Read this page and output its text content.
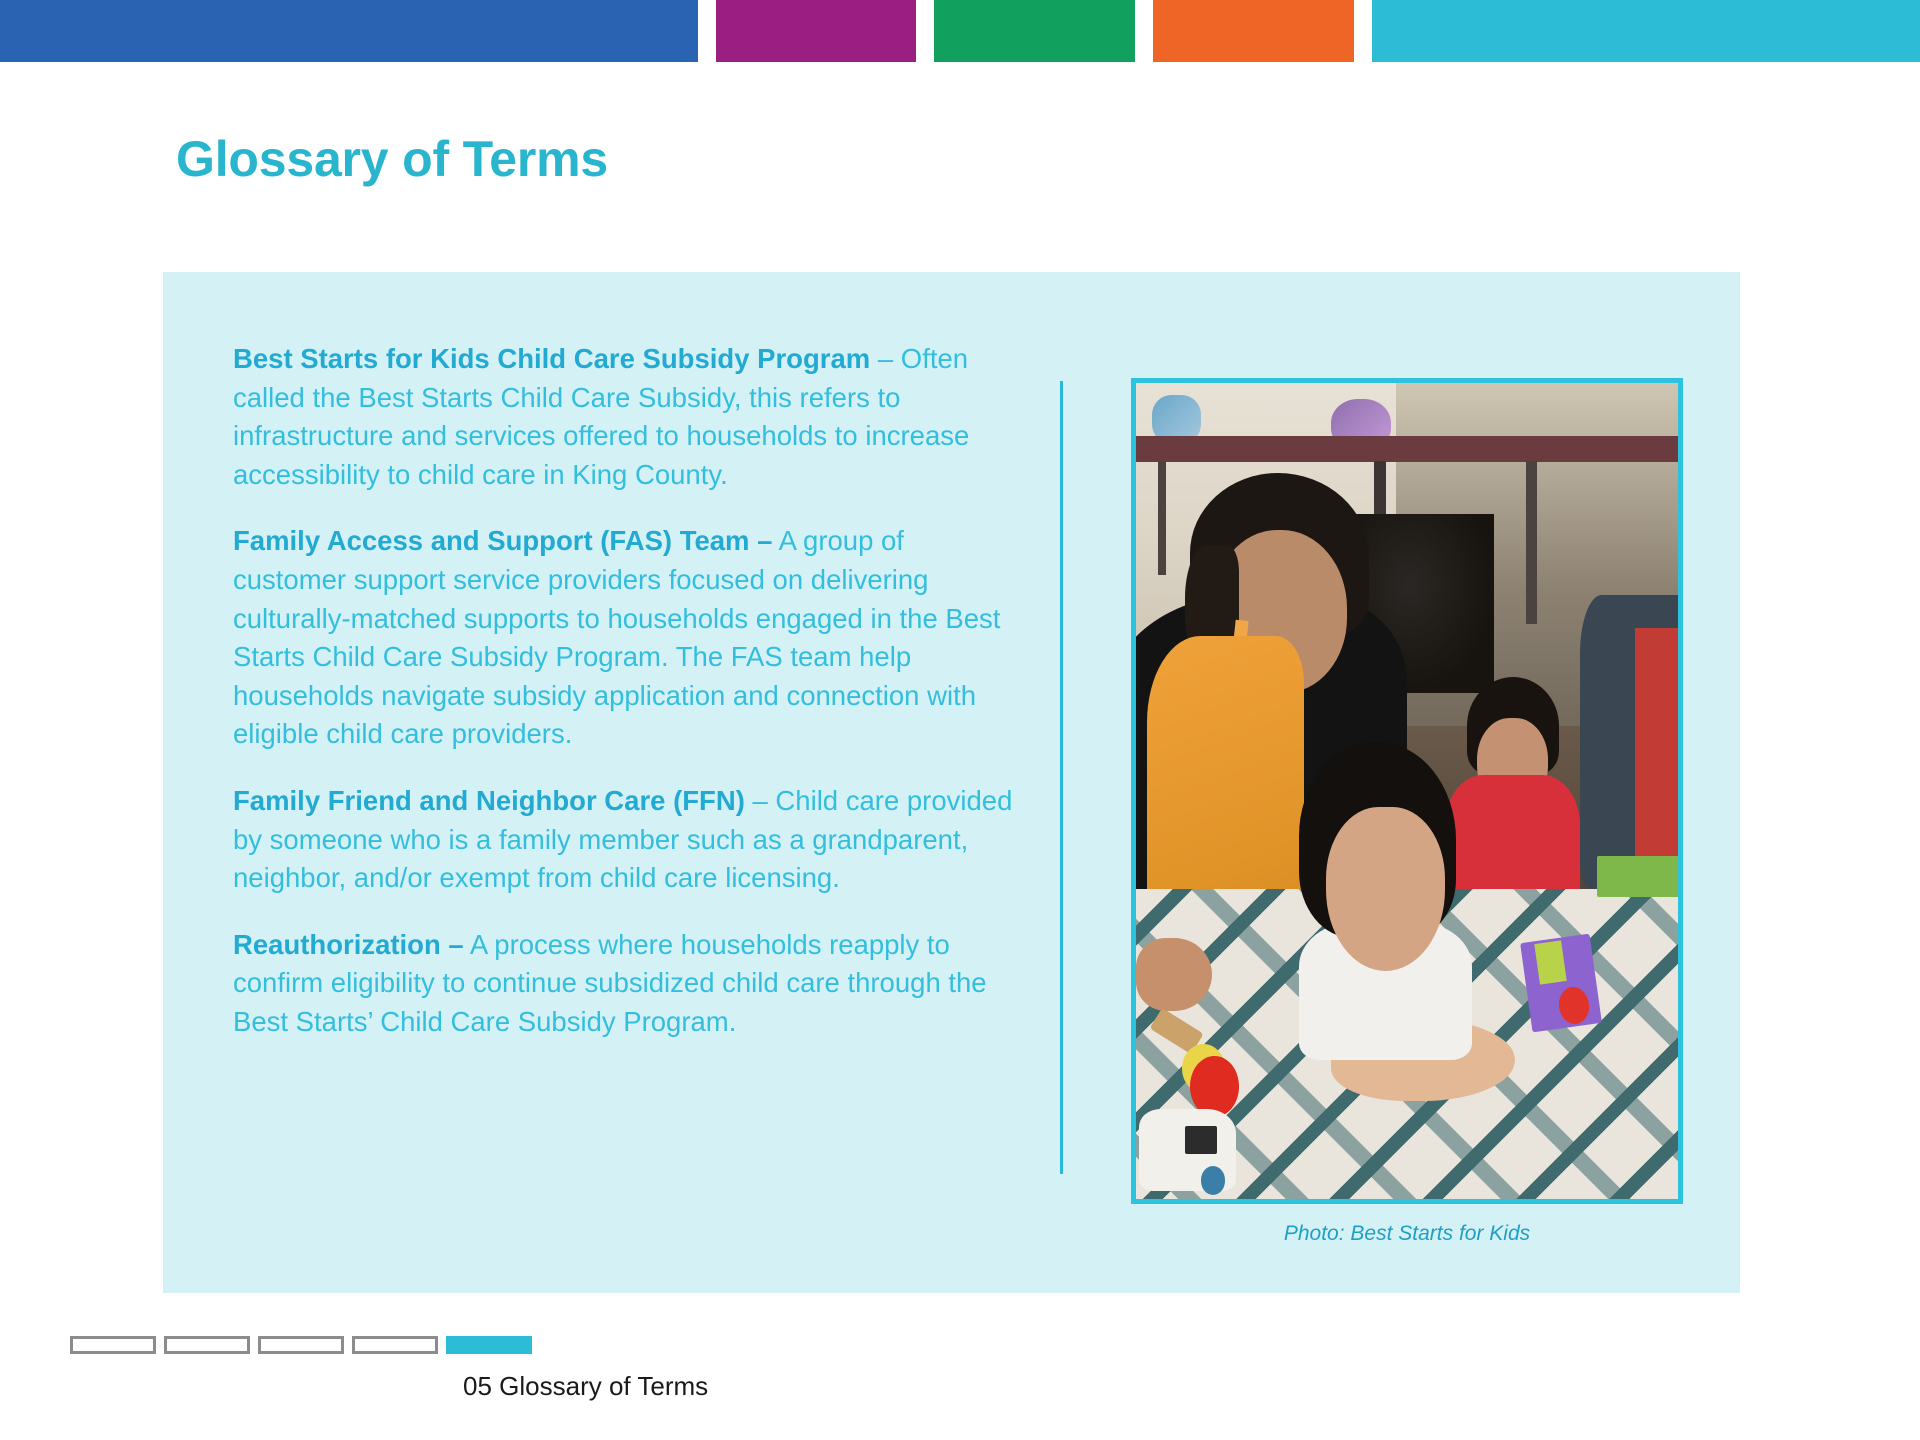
Glossary of Terms

Best Starts for Kids Child Care Subsidy Program – Often called the Best Starts Child Care Subsidy, this refers to infrastructure and services offered to households to increase accessibility to child care in King County.

Family Access and Support (FAS) Team – A group of customer support service providers focused on delivering culturally-matched supports to households engaged in the Best Starts Child Care Subsidy Program. The FAS team help households navigate subsidy application and connection with eligible child care providers.

Family Friend and Neighbor Care (FFN) – Child care provided by someone who is a family member such as a grandparent, neighbor, and/or exempt from child care licensing.

Reauthorization – A process where households reapply to confirm eligibility to continue subsidized child care through the Best Starts’ Child Care Subsidy Program.

Photo: Best Starts for Kids
05 Glossary of Terms
